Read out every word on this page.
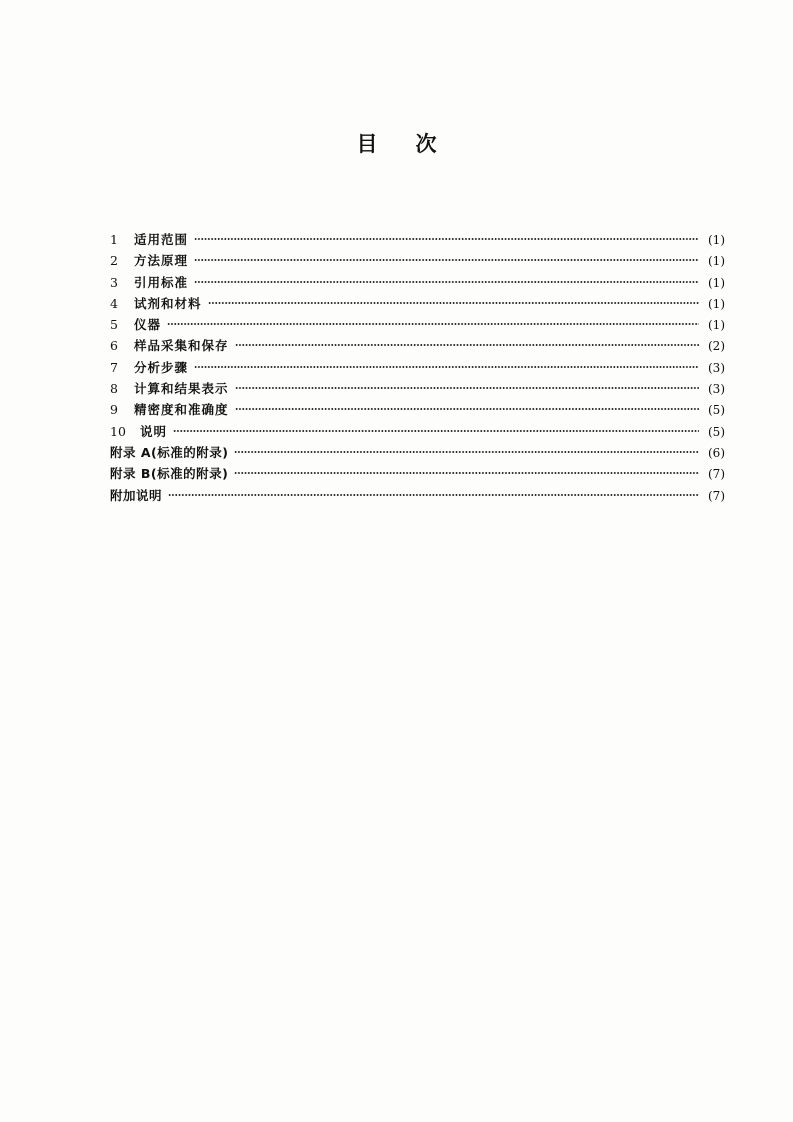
目 次
1	适用范围	(1)
2	方法原理	(1)
3	引用标准	(1)
4	试剂和材料	(1)
5	仪器	(1)
6	样品采集和保存	(2)
7	分析步骤	(3)
8	计算和结果表示	(3)
9	精密度和准确度	(5)
10	说明	(5)
附录 A(标准的附录)	(6)
附录 B(标准的附录)	(7)
附加说明	(7)
